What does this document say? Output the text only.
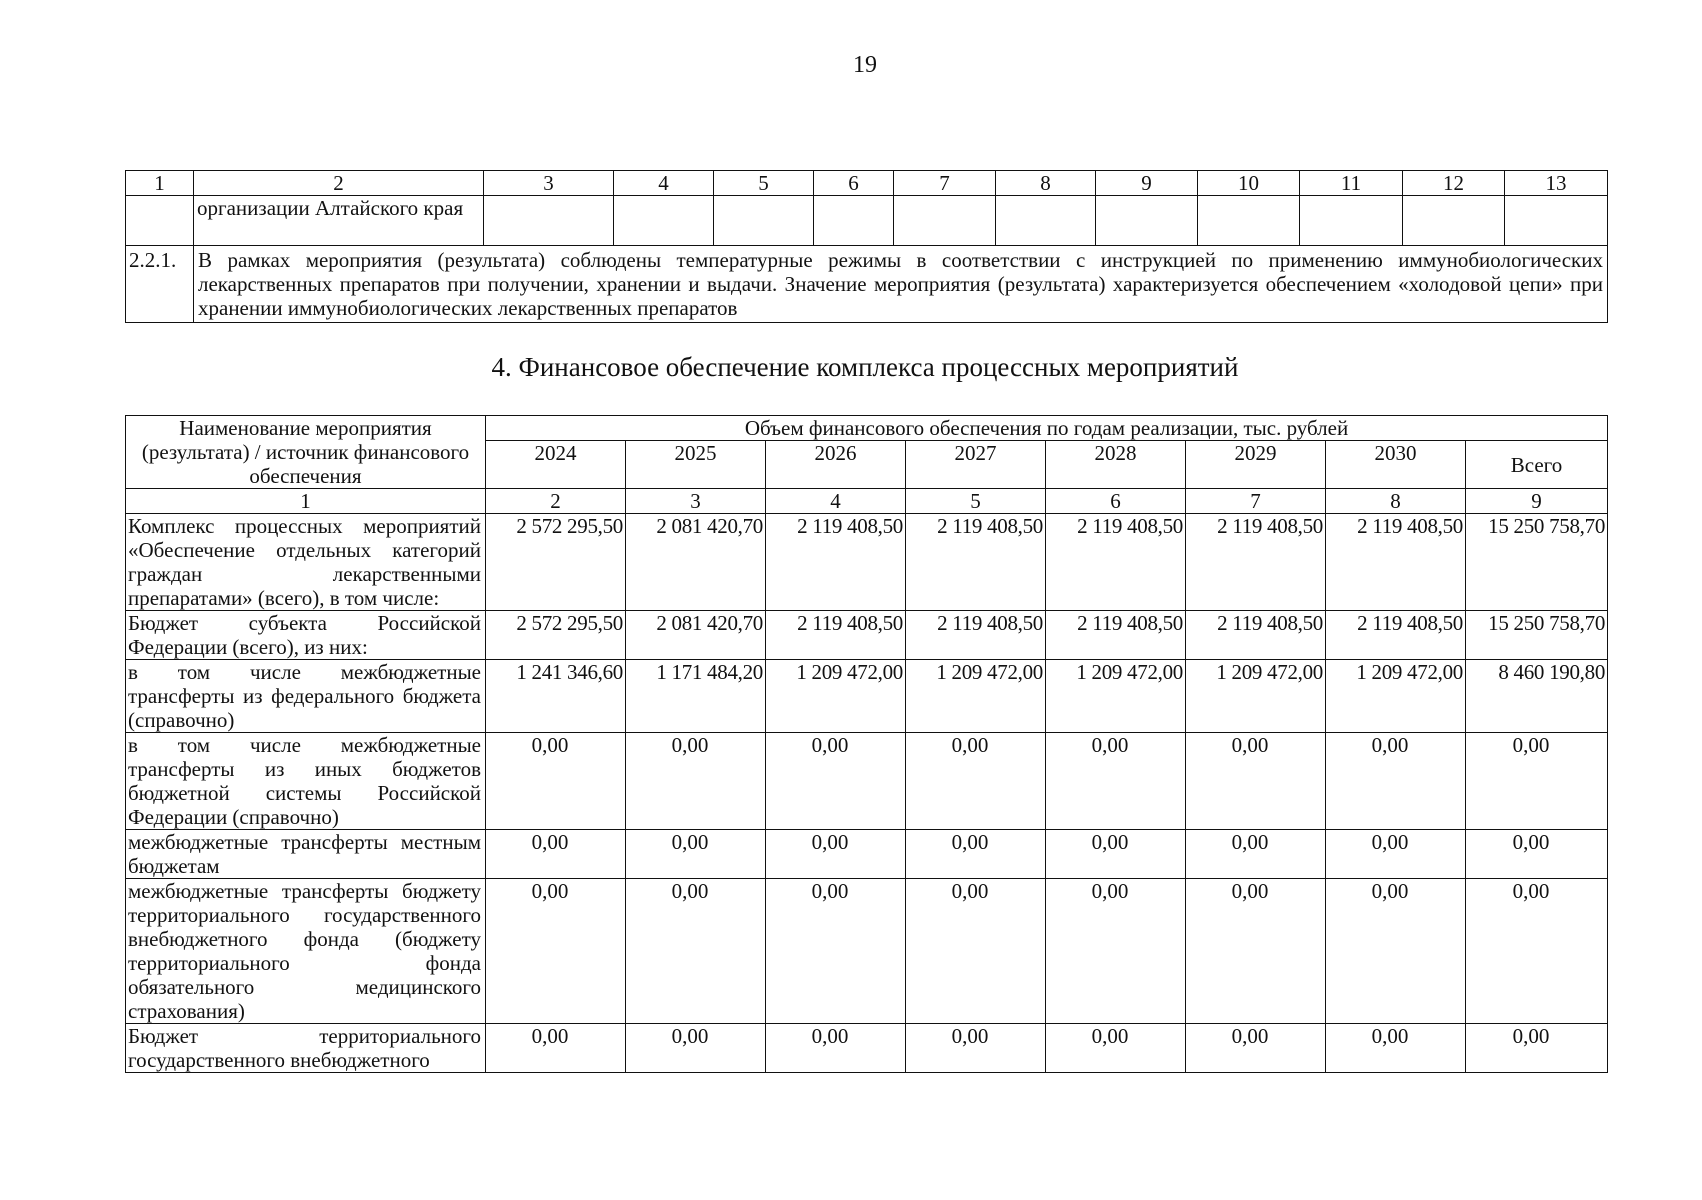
19
1	2	3	4	5	6	7	8	9	10	11	12	13
	организации Алтайского края											
2.2.1.	В рамках мероприятия (результата) соблюдены температурные режимы в соответствии с инструкцией по применению иммунобиологических лекарственных препаратов при получении, хранении и выдачи. Значение мероприятия (результата) характеризуется обеспечением «холодовой цепи» при хранении иммунобиологических лекарственных препаратов											
4. Финансовое обеспечение комплекса процессных мероприятий
Наименование мероприятия (результата) / источник финансового обеспечения	Объем финансового обеспечения по годам реализации, тыс. рублей							
	2024	2025	2026	2027	2028	2029	2030	Всего
1	2	3	4	5	6	7	8	9
Комплекс процессных мероприятий «Обеспечение отдельных категорий граждан лекарственными препаратами» (всего), в том числе:	2 572 295,50	2 081 420,70	2 119 408,50	2 119 408,50	2 119 408,50	2 119 408,50	2 119 408,50	15 250 758,70
Бюджет субъекта Российской Федерации (всего), из них:	2 572 295,50	2 081 420,70	2 119 408,50	2 119 408,50	2 119 408,50	2 119 408,50	2 119 408,50	15 250 758,70
в том числе межбюджетные трансферты из федерального бюджета (справочно)	1 241 346,60	1 171 484,20	1 209 472,00	1 209 472,00	1 209 472,00	1 209 472,00	1 209 472,00	8 460 190,80
в том числе межбюджетные трансферты из иных бюджетов бюджетной системы Российской Федерации (справочно)	0,00	0,00	0,00	0,00	0,00	0,00	0,00	0,00
межбюджетные трансферты местным бюджетам	0,00	0,00	0,00	0,00	0,00	0,00	0,00	0,00
межбюджетные трансферты бюджету территориального государственного внебюджетного фонда (бюджету территориального фонда обязательного медицинского страхования)	0,00	0,00	0,00	0,00	0,00	0,00	0,00	0,00
Бюджет территориального государственного внебюджетного	0,00	0,00	0,00	0,00	0,00	0,00	0,00	0,00
